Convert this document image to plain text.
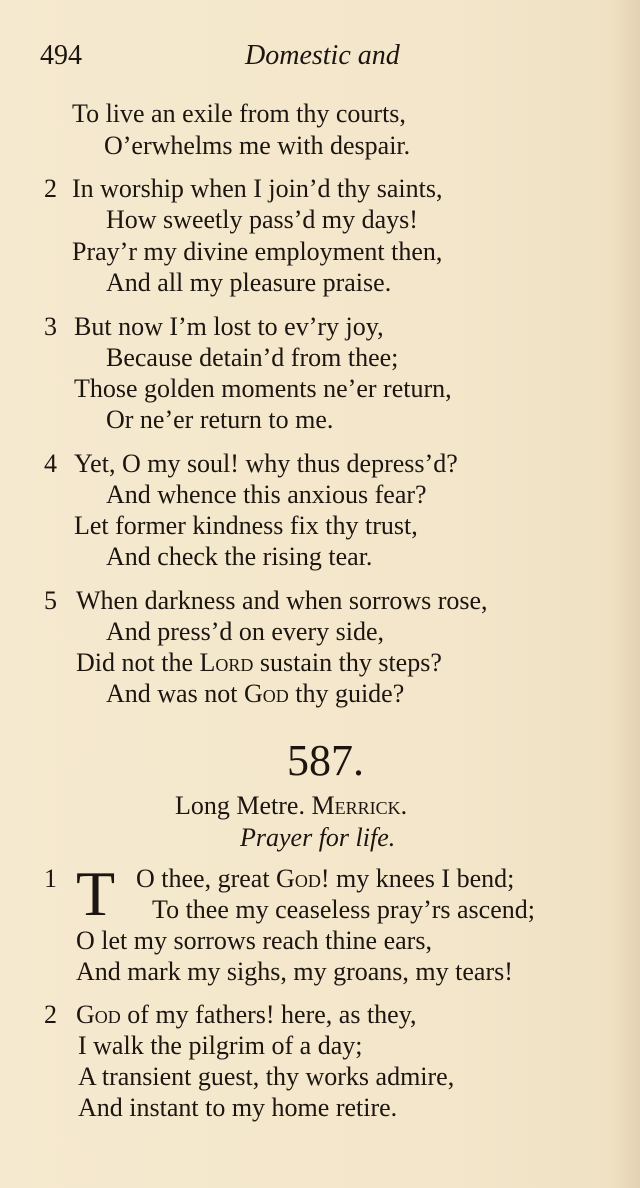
494	Domestic and
To live an exile from thy courts,
O’erwhelms me with despair.
2 In worship when I join’d thy saints,
How sweetly pass’d my days!
Pray’r my divine employment then,
And all my pleasure praise.
3 But now I’m lost to ev’ry joy,
Because detain’d from thee;
Those golden moments ne’er return,
Or ne’er return to me.
4 Yet, O my soul! why thus depress’d?
And whence this anxious fear?
Let former kindness fix thy trust,
And check the rising tear.
5 When darkness and when sorrows rose,
And press’d on every side,
Did not the Lord sustain thy steps?
And was not God thy guide?
587.
Long Metre. Merrick.
Prayer for life.
1 T O thee, great God! my knees I bend;
To thee my ceaseless pray’rs ascend;
O let my sorrows reach thine ears,
And mark my sighs, my groans, my tears!
2 God of my fathers! here, as they,
I walk the pilgrim of a day;
A transient guest, thy works admire,
And instant to my home retire.
